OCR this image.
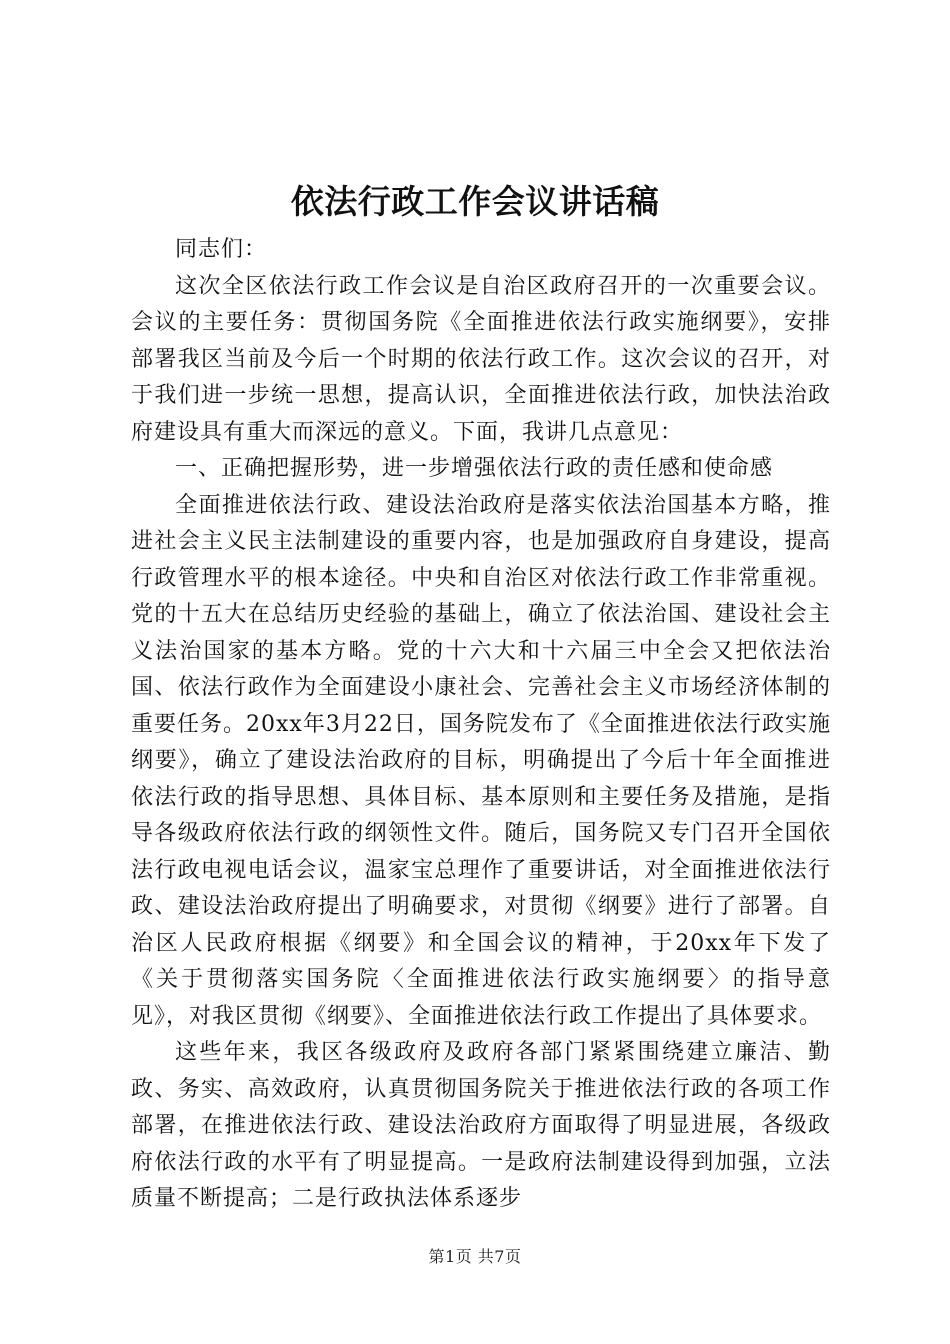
依法行政工作会议讲话稿

同志们：

这次全区依法行政工作会议是自治区政府召开的一次重要会议。会议的主要任务：贯彻国务院《全面推进依法行政实施纲要》，安排部署我区当前及今后一个时期的依法行政工作。这次会议的召开，对于我们进一步统一思想，提高认识，全面推进依法行政，加快法治政府建设具有重大而深远的意义。下面，我讲几点意见：

一、正确把握形势，进一步增强依法行政的责任感和使命感

全面推进依法行政、建设法治政府是落实依法治国基本方略，推进社会主义民主法制建设的重要内容，也是加强政府自身建设，提高行政管理水平的根本途径。中央和自治区对依法行政工作非常重视。党的十五大在总结历史经验的基础上，确立了依法治国、建设社会主义法治国家的基本方略。党的十六大和十六届三中全会又把依法治国、依法行政作为全面建设小康社会、完善社会主义市场经济体制的重要任务。20xx年3月22日，国务院发布了《全面推进依法行政实施纲要》，确立了建设法治政府的目标，明确提出了今后十年全面推进依法行政的指导思想、具体目标、基本原则和主要任务及措施，是指导各级政府依法行政的纲领性文件。随后，国务院又专门召开全国依法行政电视电话会议，温家宝总理作了重要讲话，对全面推进依法行政、建设法治政府提出了明确要求，对贯彻《纲要》进行了部署。自治区人民政府根据《纲要》和全国会议的精神，于20xx年下发了《关于贯彻落实国务院〈全面推进依法行政实施纲要〉的指导意见》，对我区贯彻《纲要》、全面推进依法行政工作提出了具体要求。

这些年来，我区各级政府及政府各部门紧紧围绕建立廉洁、勤政、务实、高效政府，认真贯彻国务院关于推进依法行政的各项工作部署，在推进依法行政、建设法治政府方面取得了明显进展，各级政府依法行政的水平有了明显提高。一是政府法制建设得到加强，立法质量不断提高；二是行政执法体系逐步

第1页 共7页
